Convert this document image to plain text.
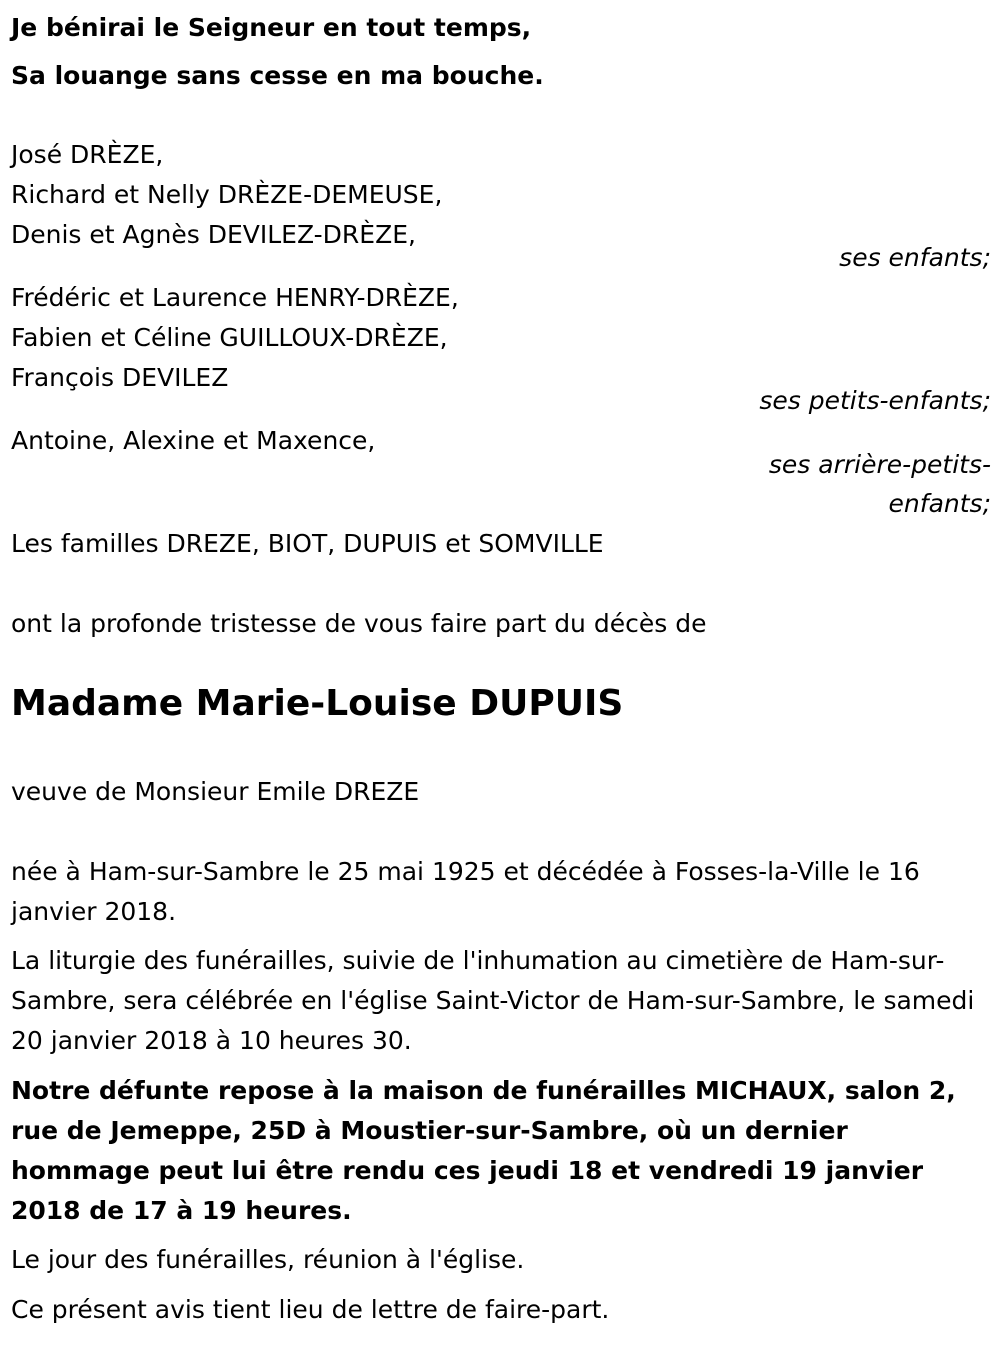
Je bénirai le Seigneur en tout temps,
Sa louange sans cesse en ma bouche.
José DRÈZE,
Richard et Nelly DRÈZE-DEMEUSE,
Denis et Agnès DEVILEZ-DRÈZE,
ses enfants;
Frédéric et Laurence HENRY-DRÈZE,
Fabien et Céline GUILLOUX-DRÈZE,
François DEVILEZ
ses petits-enfants;
Antoine, Alexine et Maxence,
ses arrière-petits-
enfants;
Les familles DREZE, BIOT, DUPUIS et SOMVILLE
ont la profonde tristesse de vous faire part du décès de
Madame Marie-Louise DUPUIS
veuve de Monsieur Emile DREZE
née à Ham-sur-Sambre le 25 mai 1925 et décédée à Fosses-la-Ville le 16 janvier 2018.
La liturgie des funérailles, suivie de l'inhumation au cimetière de Ham-sur-Sambre, sera célébrée en l'église Saint-Victor de Ham-sur-Sambre, le samedi 20 janvier 2018 à 10 heures 30.
Notre défunte repose à la maison de funérailles MICHAUX, salon 2, rue de Jemeppe, 25D à Moustier-sur-Sambre, où un dernier hommage peut lui être rendu ces jeudi 18 et vendredi 19 janvier 2018 de 17 à 19 heures.
Le jour des funérailles, réunion à l'église.
Ce présent avis tient lieu de lettre de faire-part.
